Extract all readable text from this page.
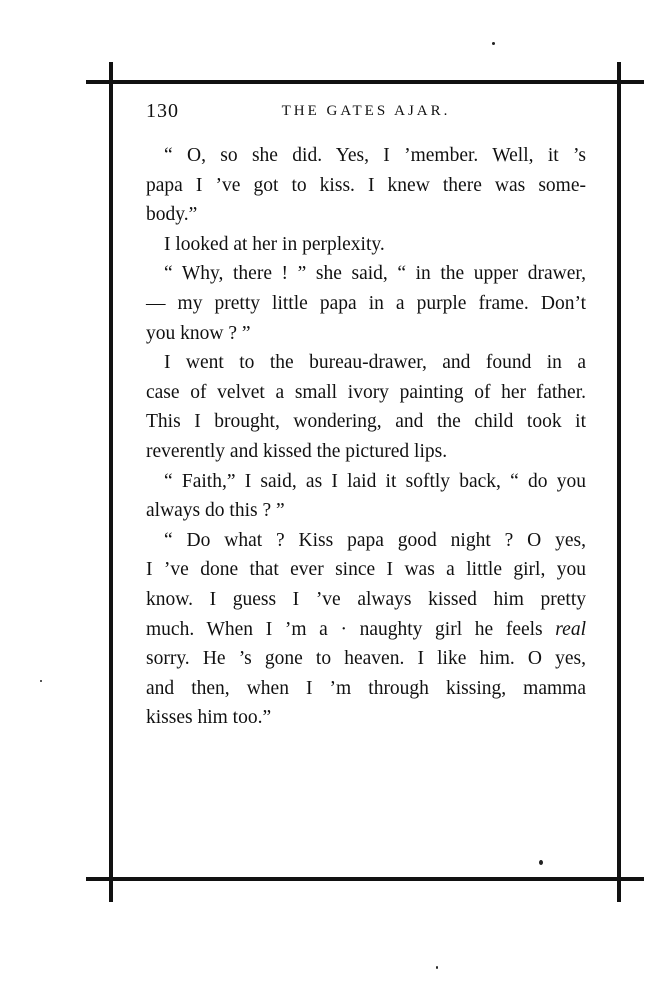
130	THE GATES AJAR.
“ O, so she did. Yes, I ’member. Well, it ’s
papa I ’ve got to kiss. I knew there was some-
body.”
I looked at her in perplexity.
“ Why, there ! ” she said, “ in the upper drawer,
— my pretty little papa in a purple frame. Don’t
you know ? ”
I went to the bureau-drawer, and found in a
case of velvet a small ivory painting of her father.
This I brought, wondering, and the child took it
reverently and kissed the pictured lips.
“ Faith,” I said, as I laid it softly back, “ do you
always do this ? ”
“ Do what ? Kiss papa good night ? O yes,
I ’ve done that ever since I was a little girl, you
know. I guess I ’ve always kissed him pretty
much. When I ’m a · naughty girl he feels real
sorry. He ’s gone to heaven. I like him. O yes,
and then, when I ’m through kissing, mamma
kisses him too.”
